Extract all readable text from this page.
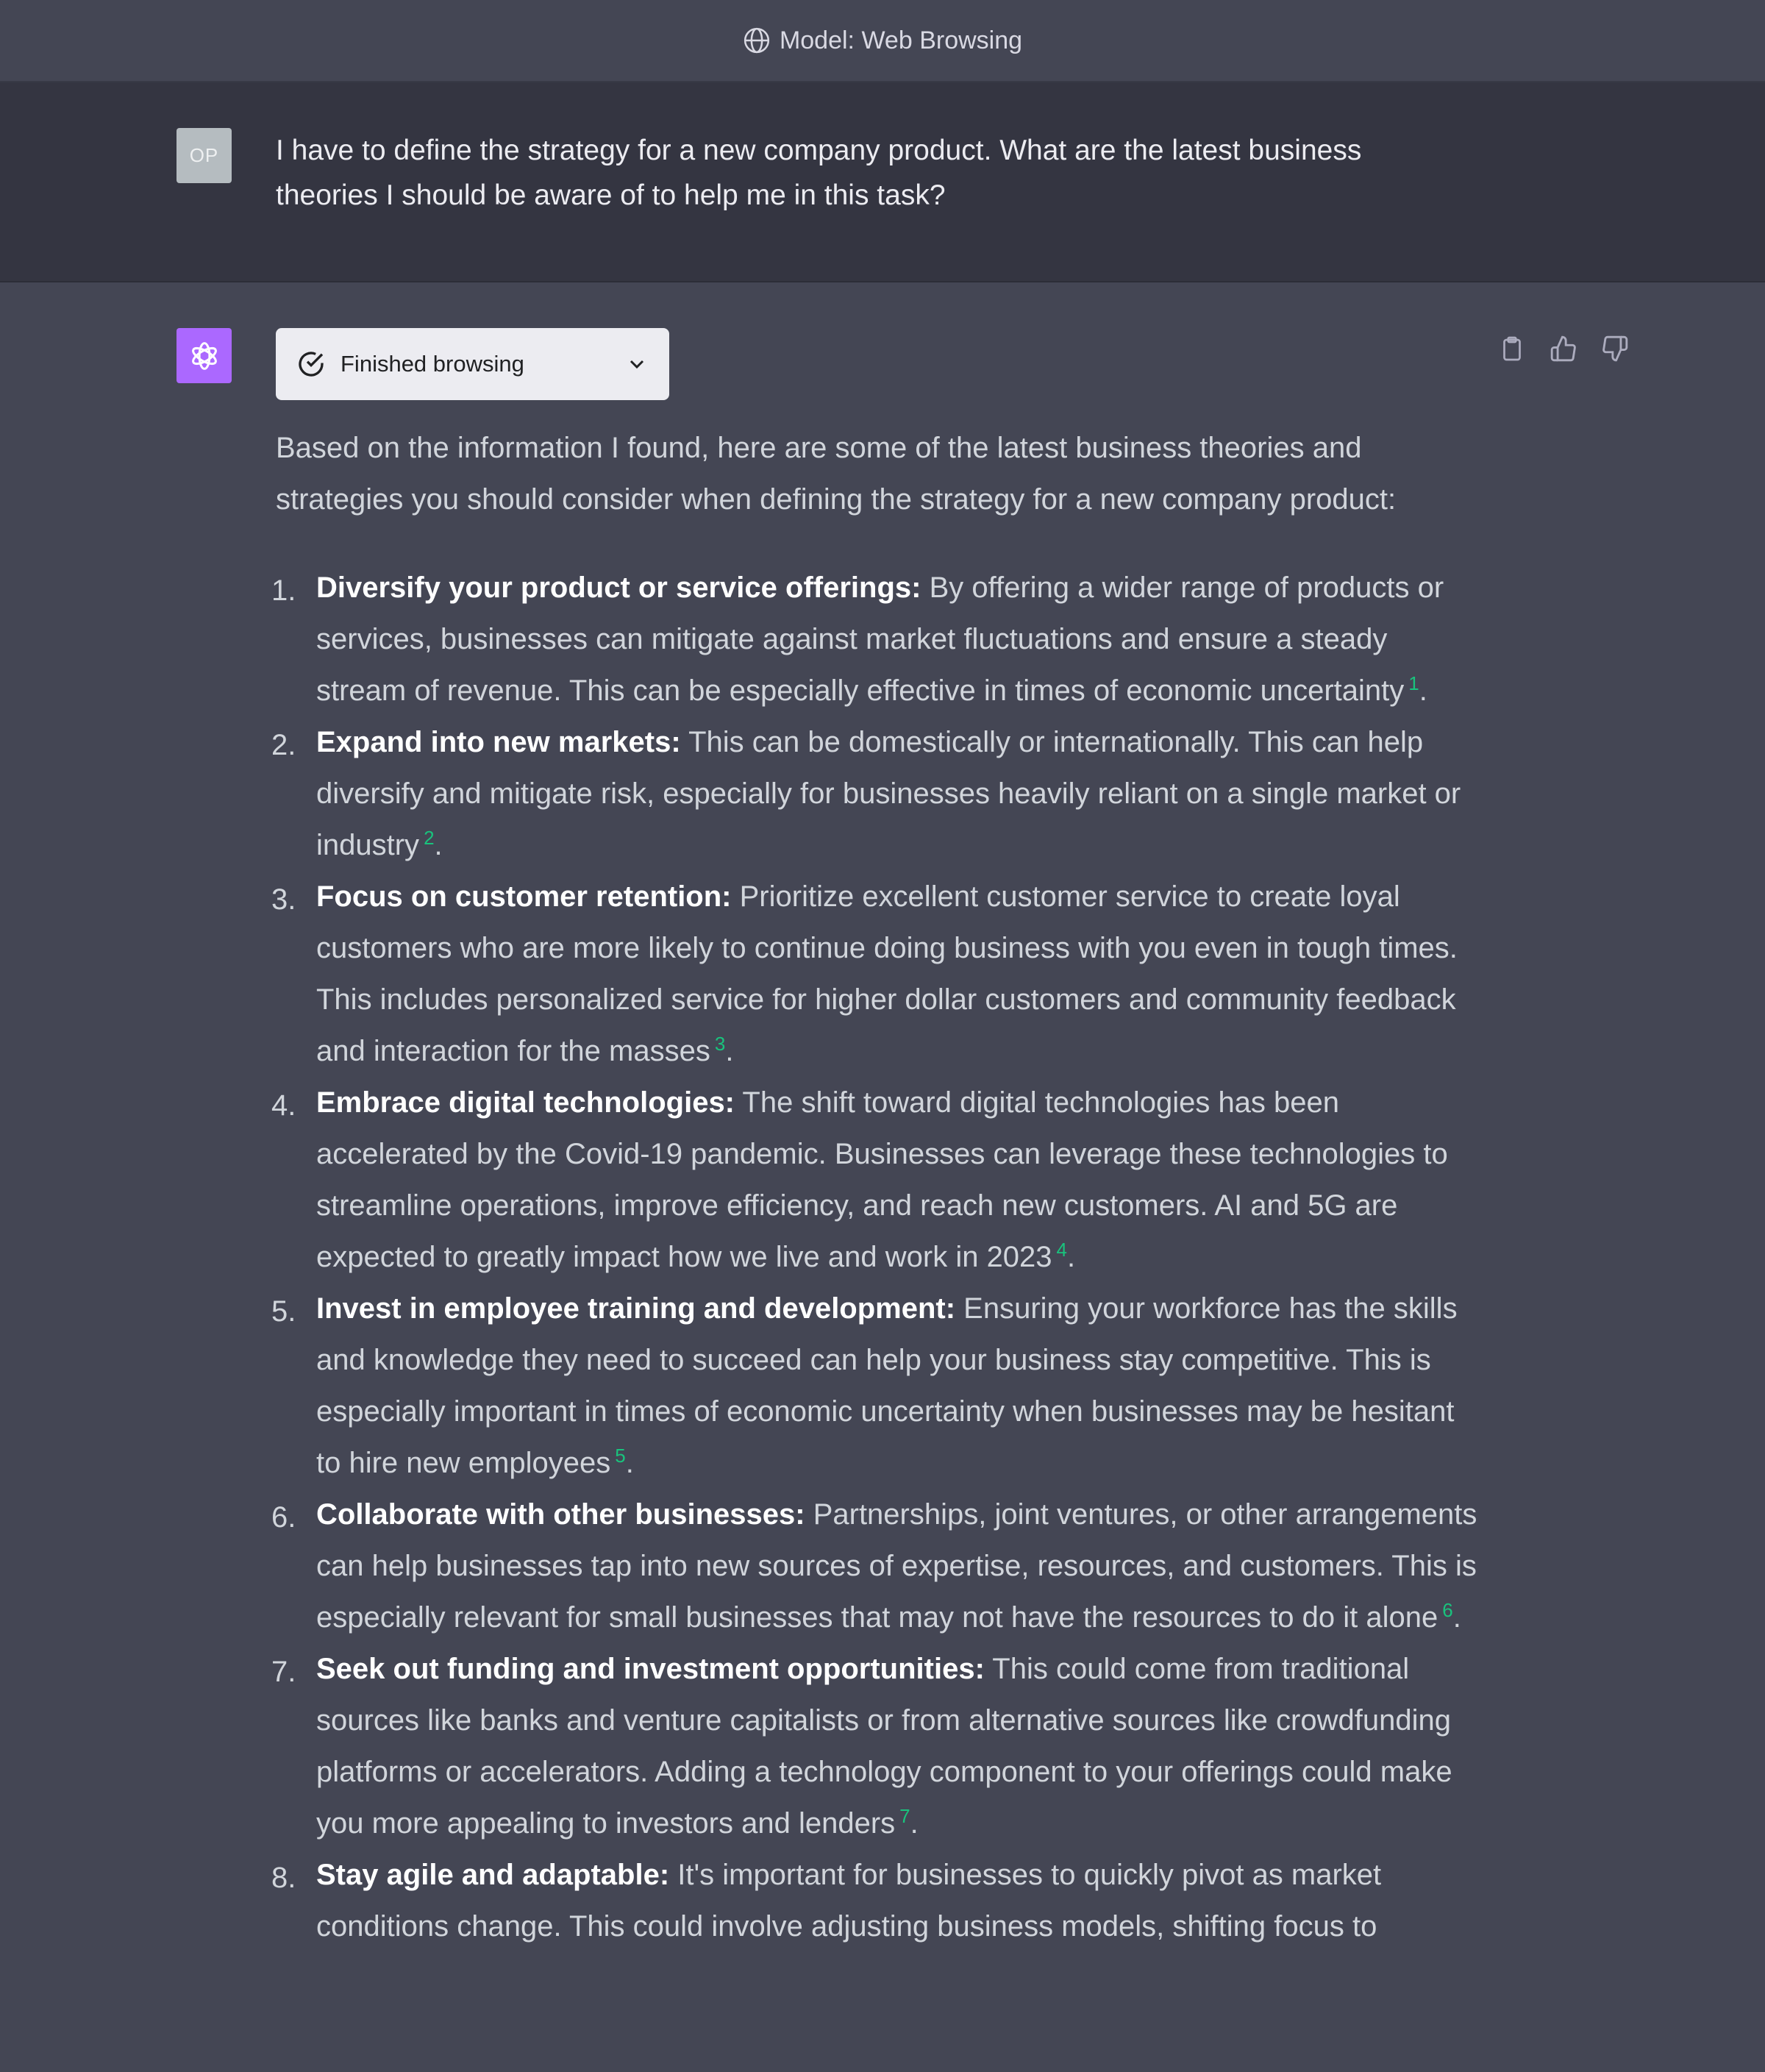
Model: Web Browsing
OP	I have to define the strategy for a new company product. What are the latest business theories I should be aware of to help me in this task?
Finished browsing

Based on the information I found, here are some of the latest business theories and strategies you should consider when defining the strategy for a new company product:

1. Diversify your product or service offerings: By offering a wider range of products or services, businesses can mitigate against market fluctuations and ensure a steady stream of revenue. This can be especially effective in times of economic uncertainty $^1$.
2. Expand into new markets: This can be domestically or internationally. This can help diversify and mitigate risk, especially for businesses heavily reliant on a single market or industry $^2$.
3. Focus on customer retention: Prioritize excellent customer service to create loyal customers who are more likely to continue doing business with you even in tough times. This includes personalized service for higher dollar customers and community feedback and interaction for the masses $^3$.
4. Embrace digital technologies: The shift toward digital technologies has been accelerated by the Covid-19 pandemic. Businesses can leverage these technologies to streamline operations, improve efficiency, and reach new customers. AI and 5G are expected to greatly impact how we live and work in 2023 $^4$.
5. Invest in employee training and development: Ensuring your workforce has the skills and knowledge they need to succeed can help your business stay competitive. This is especially important in times of economic uncertainty when businesses may be hesitant to hire new employees $^5$.
6. Collaborate with other businesses: Partnerships, joint ventures, or other arrangements can help businesses tap into new sources of expertise, resources, and customers. This is especially relevant for small businesses that may not have the resources to do it alone $^6$.
7. Seek out funding and investment opportunities: This could come from traditional sources like banks and venture capitalists or from alternative sources like crowdfunding platforms or accelerators. Adding a technology component to your offerings could make you more appealing to investors and lenders $^7$.
8. Stay agile and adaptable: It's important for businesses to quickly pivot as market conditions change. This could involve adjusting business models, shifting focus to
